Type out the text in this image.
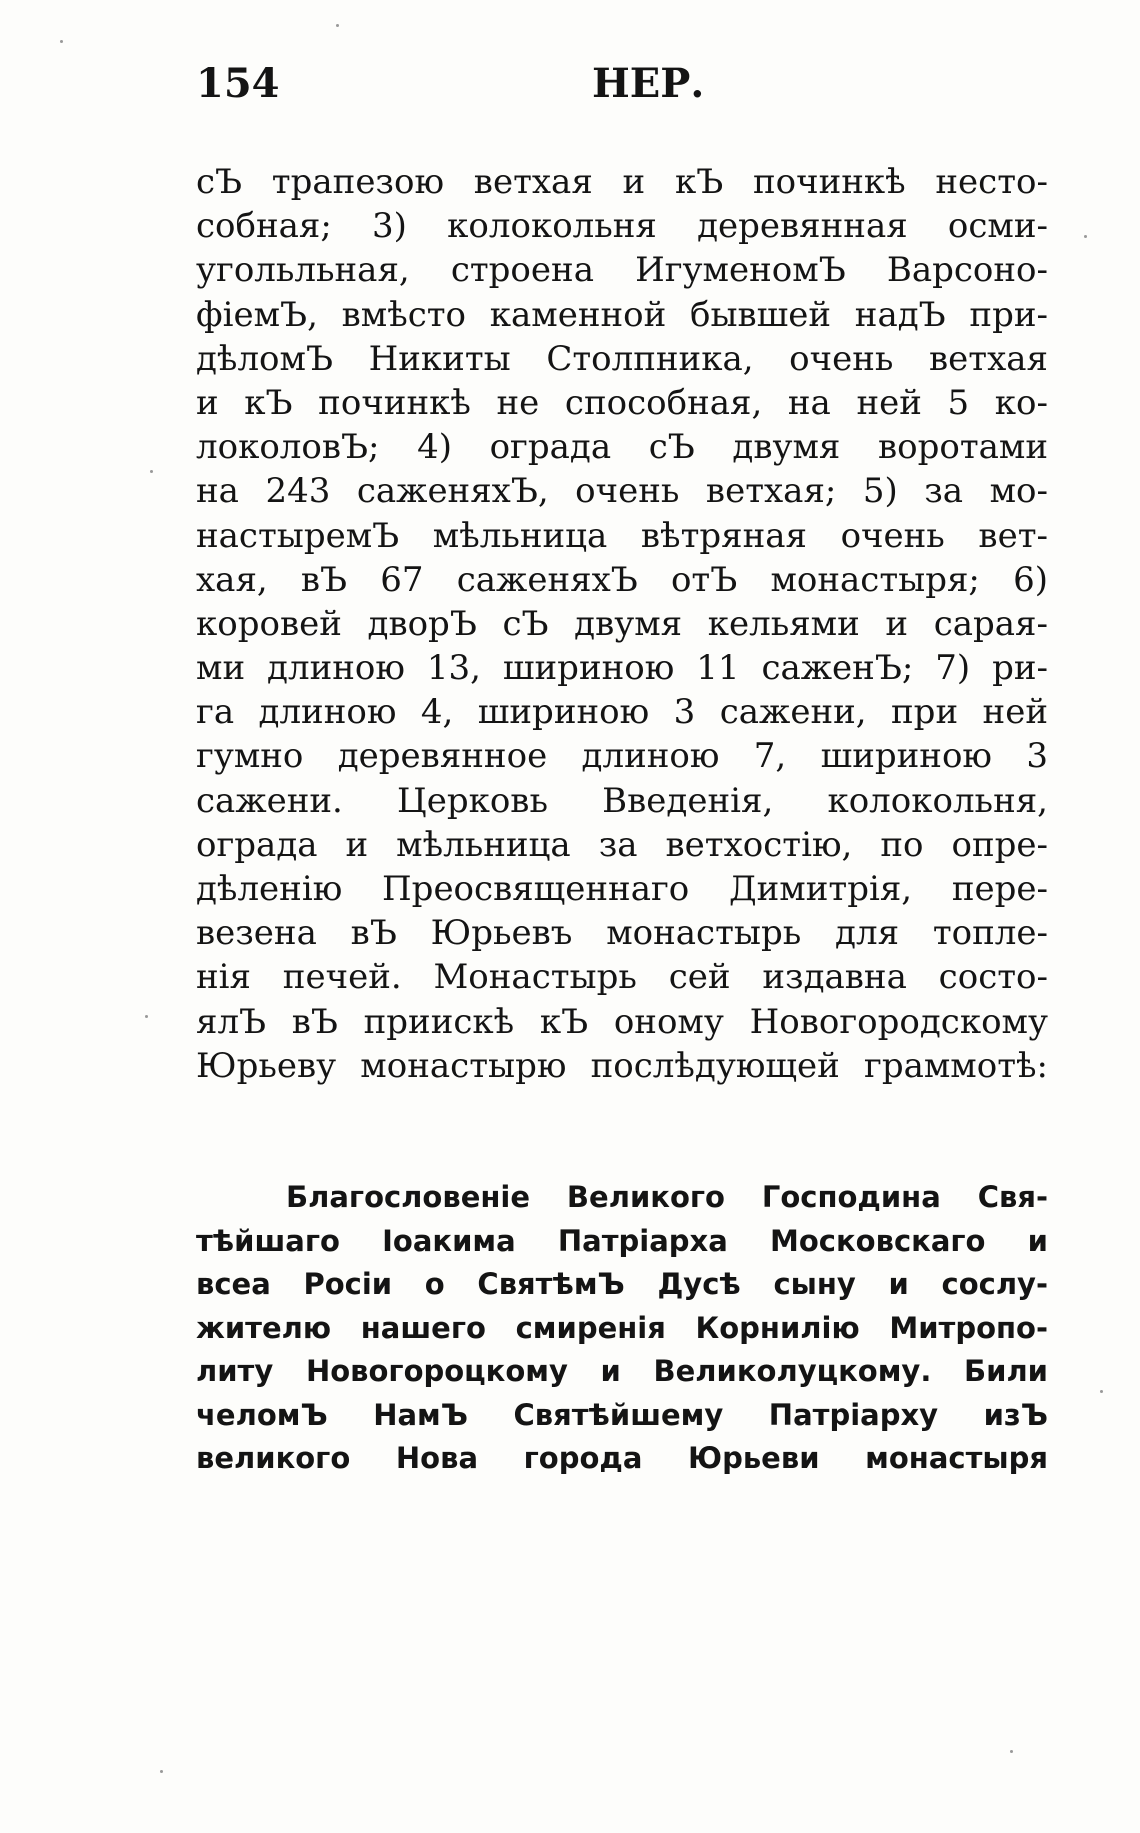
154	НЕР.
сЪ трапезою ветхая и кЪ починкѣ несто-
собная; 3) колокольня деревянная осми-
угольльная, строена ИгуменомЪ Варсоно-
фіемЪ, вмѣсто каменной бывшей надЪ при-
дѣломЪ Никиты Столпника, очень ветхая
и кЪ починкѣ не способная, на ней 5 ко-
локоловЪ; 4) ограда сЪ двумя воротами
на 243 саженяхЪ, очень ветхая; 5) за мо-
настыремЪ мѣльница вѣтряная очень вет-
хая, вЪ 67 саженяхЪ отЪ монастыря; 6)
коровей дворЪ сЪ двумя кельями и сарая-
ми длиною 13, шириною 11 саженЪ; 7) ри-
га длиною 4, шириною 3 сажени, при ней
гумно деревянное длиною 7, шириною 3
сажени. Церковь Введенія, колокольня,
ограда и мѣльница за ветхостію, по опре-
дѣленію Преосвященнаго Димитрія, пере-
везена вЪ Юрьевъ монастырь для топле-
нія печей. Монастырь сей издавна состо-
ялЪ вЪ приискѣ кЪ оному Новогородскому
Юрьеву монастырю послѣдующей граммотѣ:
Благословеніе Великого Господина Свя-
тѣйшаго Іоакима Патріарха Московскаго и
всеа Росіи о СвятѣмЪ Дусѣ сыну и сослу-
жителю нашего смиренія Корнилію Митропо-
литу Новогороцкому и Великолуцкому. Били
челомЪ НамЪ Святѣйшему Патріарху изЪ
великого Нова города Юрьеви монастыря
